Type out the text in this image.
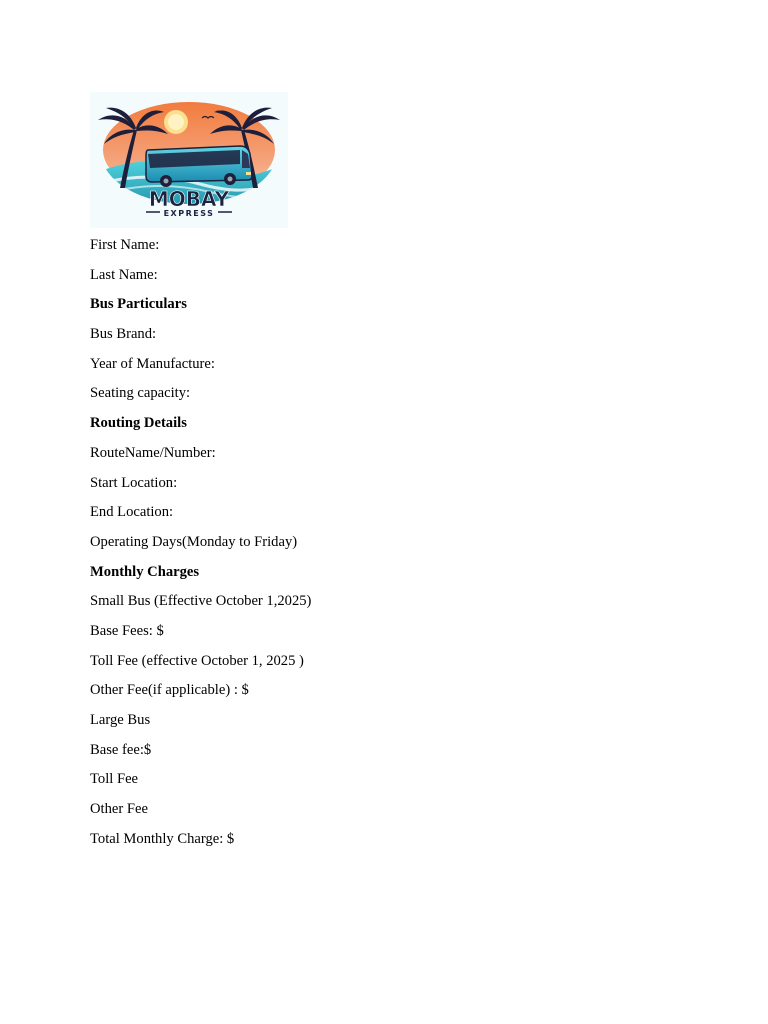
MOBAY
EXPRESS
First Name:
Last Name:
Bus Particulars
Bus Brand:
Year of Manufacture:
Seating capacity:
Routing Details
RouteName/Number:
Start Location:
End Location:
Operating Days(Monday to Friday)
Monthly Charges
Small Bus (Effective October 1,2025)
Base Fees: $
Toll Fee (effective October 1, 2025 )
Other Fee(if applicable) : $
Large Bus
Base fee:$
Toll Fee
Other Fee
Total Monthly Charge: $
